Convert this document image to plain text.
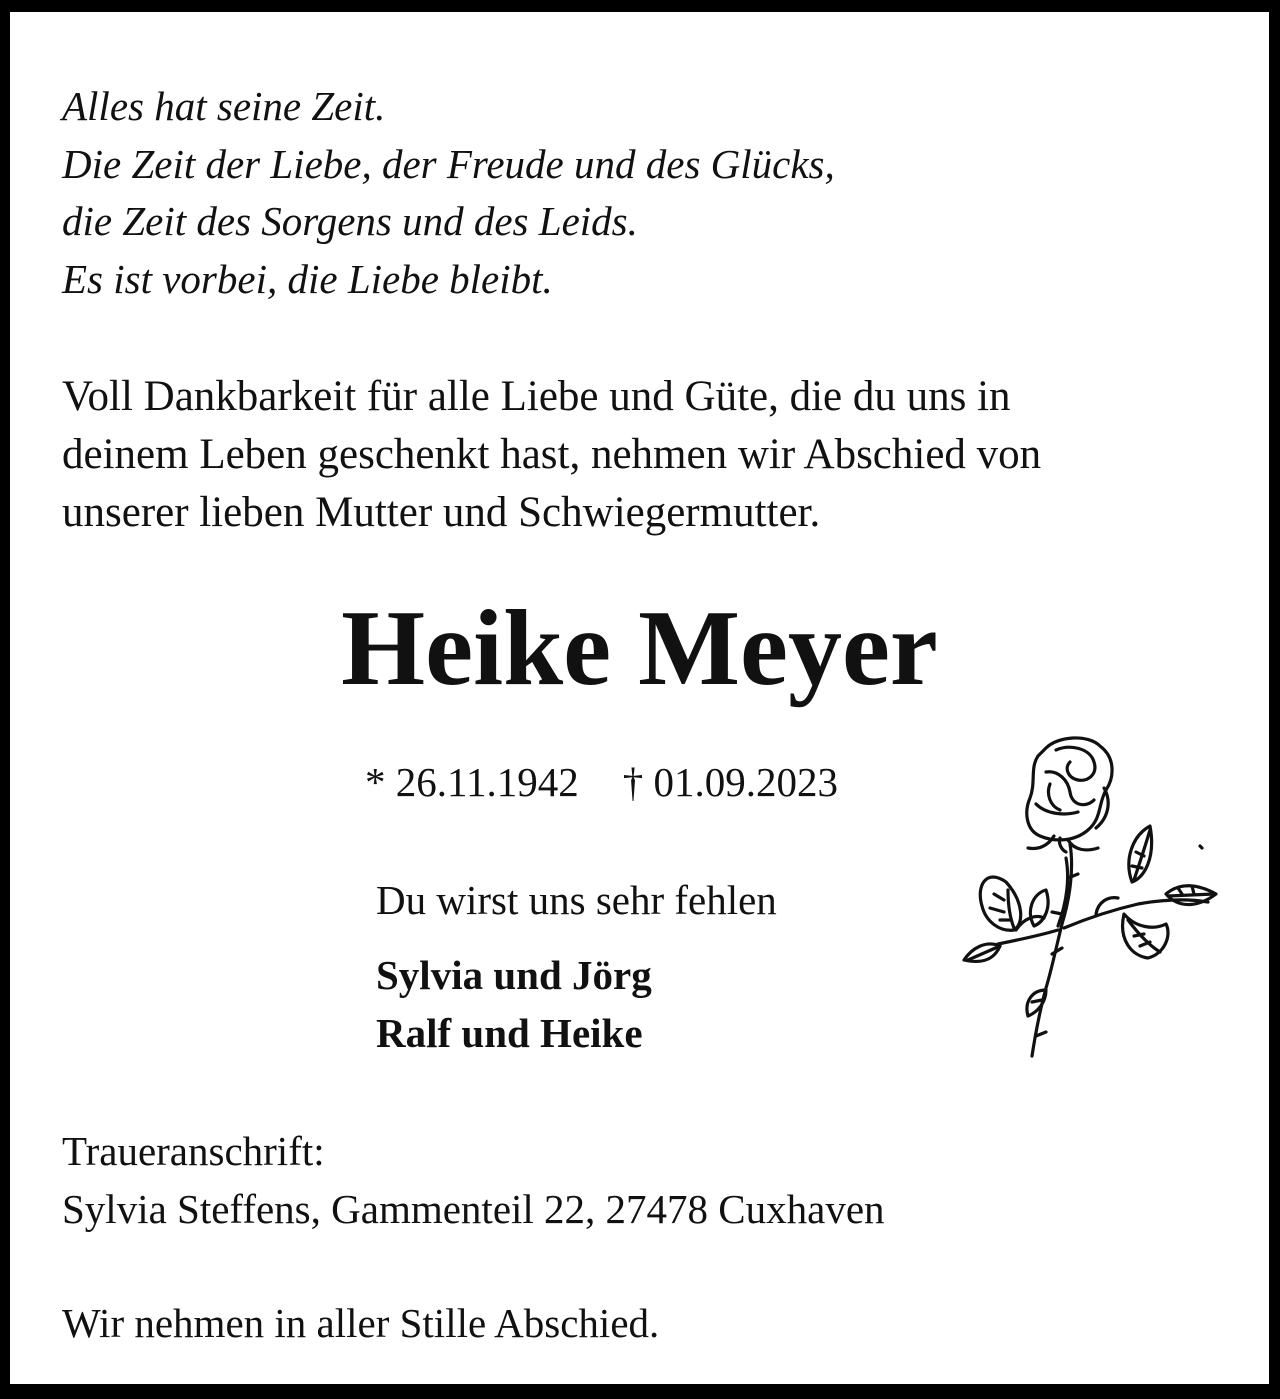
Alles hat seine Zeit.
Die Zeit der Liebe, der Freude und des Glücks,
die Zeit des Sorgens und des Leids.
Es ist vorbei, die Liebe bleibt.
Voll Dankbarkeit für alle Liebe und Güte, die du uns in
deinem Leben geschenkt hast, nehmen wir Abschied von
unserer lieben Mutter und Schwiegermutter.
Heike Meyer
* 26.11.1942 † 01.09.2023
Du wirst uns sehr fehlen
Sylvia und Jörg
Ralf und Heike
Traueranschrift:
Sylvia Steffens, Gammenteil 22, 27478 Cuxhaven
Wir nehmen in aller Stille Abschied.
